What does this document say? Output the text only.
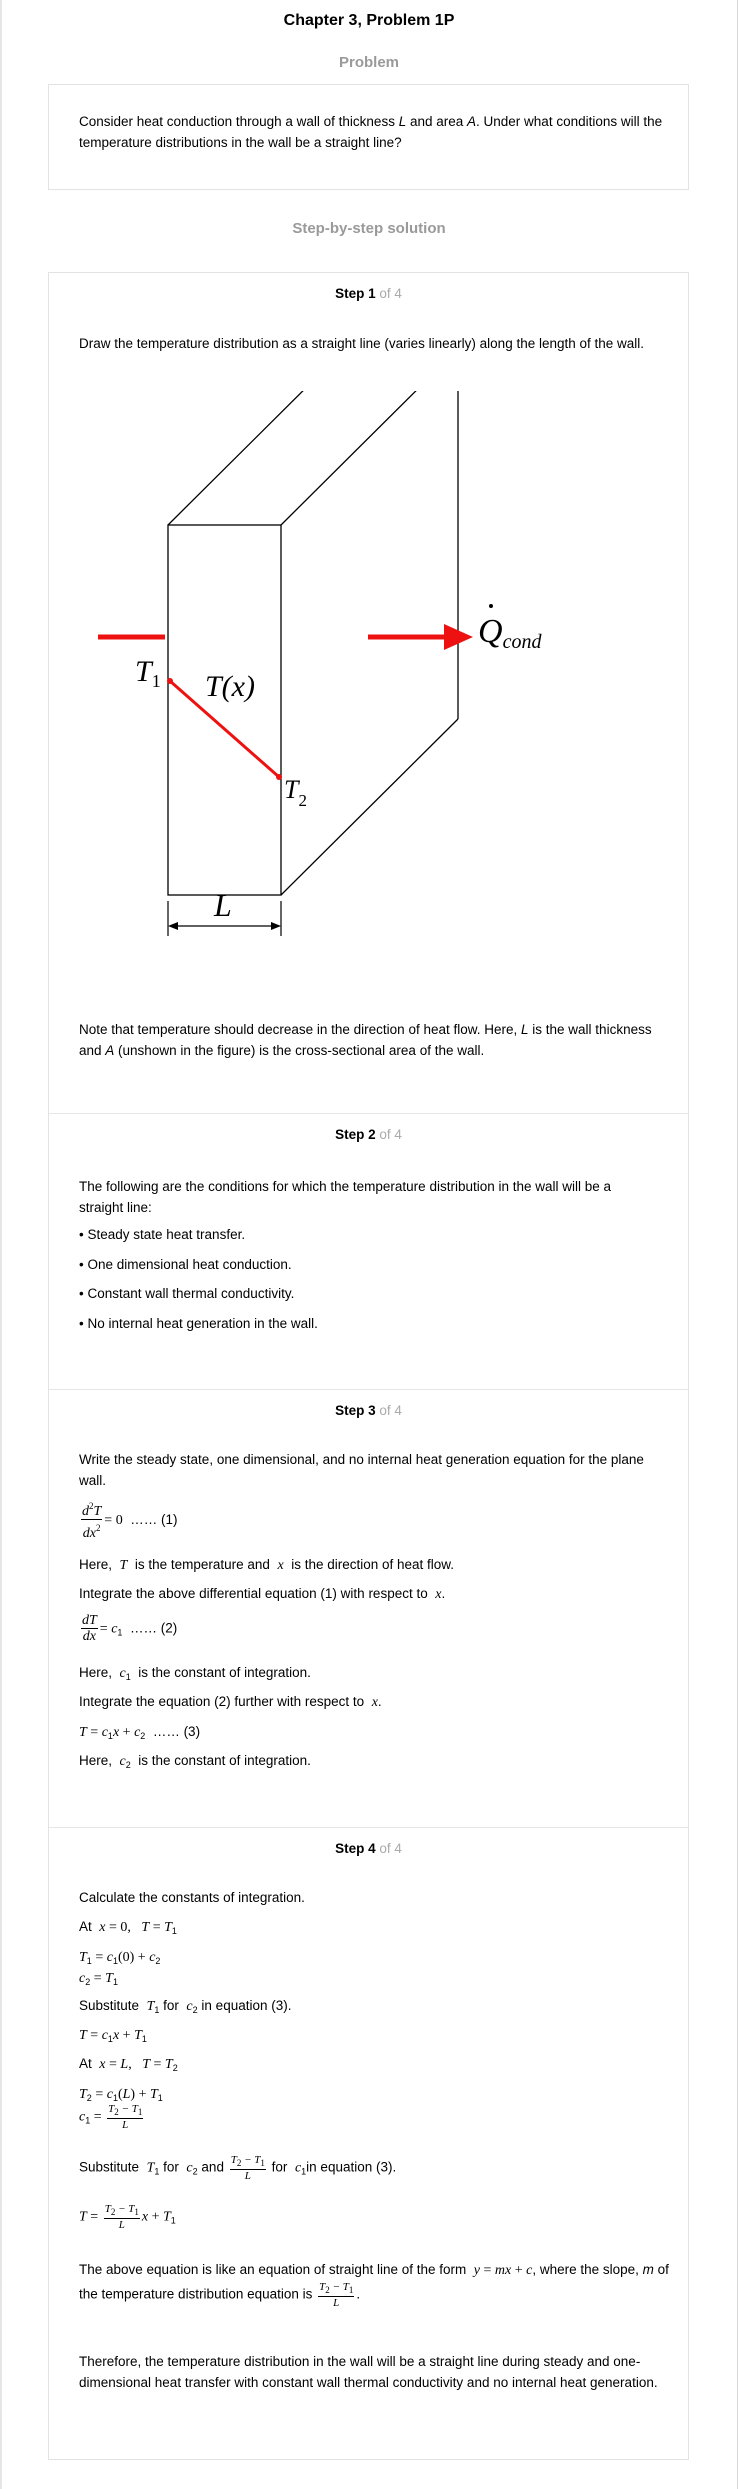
Chapter 3, Problem 1P
Problem
Consider heat conduction through a wall of thickness L and area A. Under what conditions will the temperature distributions in the wall be a straight line?
Step-by-step solution
Step 1 of 4
Draw the temperature distribution as a straight line (varies linearly) along the length of the wall.
$T_1$ T(x)
$T_2$
Qcond
L
Note that temperature should decrease in the direction of heat flow. Here, L is the wall thickness and A (unshown in the figure) is the cross-sectional area of the wall.
Step 2 of 4
The following are the conditions for which the temperature distribution in the wall will be a straight line:
• Steady state heat transfer.
• One dimensional heat conduction.
• Constant wall thermal conductivity.
• No internal heat generation in the wall.
Step 3 of 4
Write the steady state, one dimensional, and no internal heat generation equation for the plane wall.
$\frac{d^2T}{dx^2} = 0$ …… (1)
Here,  T  is the temperature and  x  is the direction of heat flow.
Integrate the above differential equation (1) with respect to  x.
$\frac{dT}{dx} = c_1$ …… (2)
Here,  $c_1$  is the constant of integration.
Integrate the equation (2) further with respect to  x.
$T = c_1x + c_2$ …… (3)
Here,  $c_2$  is the constant of integration.
Step 4 of 4
Calculate the constants of integration.
At x = 0,   $T = T_1$
$T_1 = c_1(0) + c_2$
$c_2 = T_1$
Substitute $T_1$ for $c_2$ in equation (3).
$T = c_1x + T_1$
At x = L,   $T = T_2$
$T_2 = c_1(L) + T_1$
$c_1 = \frac{T_2 - T_1}{L}$
Substitute $T_1$ for $c_2$ and $\frac{T_2 - T_1}{L}$ for $c_1in$ equation (3).
$T = \frac{T_2 - T_1}{L}$ $x + T_1$
The above equation is like an equation of straight line of the form  y = mx + c, where the slope, m of the temperature distribution equation is $\frac{T_2 - T_1}{L}$ .
Therefore, the temperature distribution in the wall will be a straight line during steady and one-dimensional heat transfer with constant wall thermal conductivity and no internal heat generation.
